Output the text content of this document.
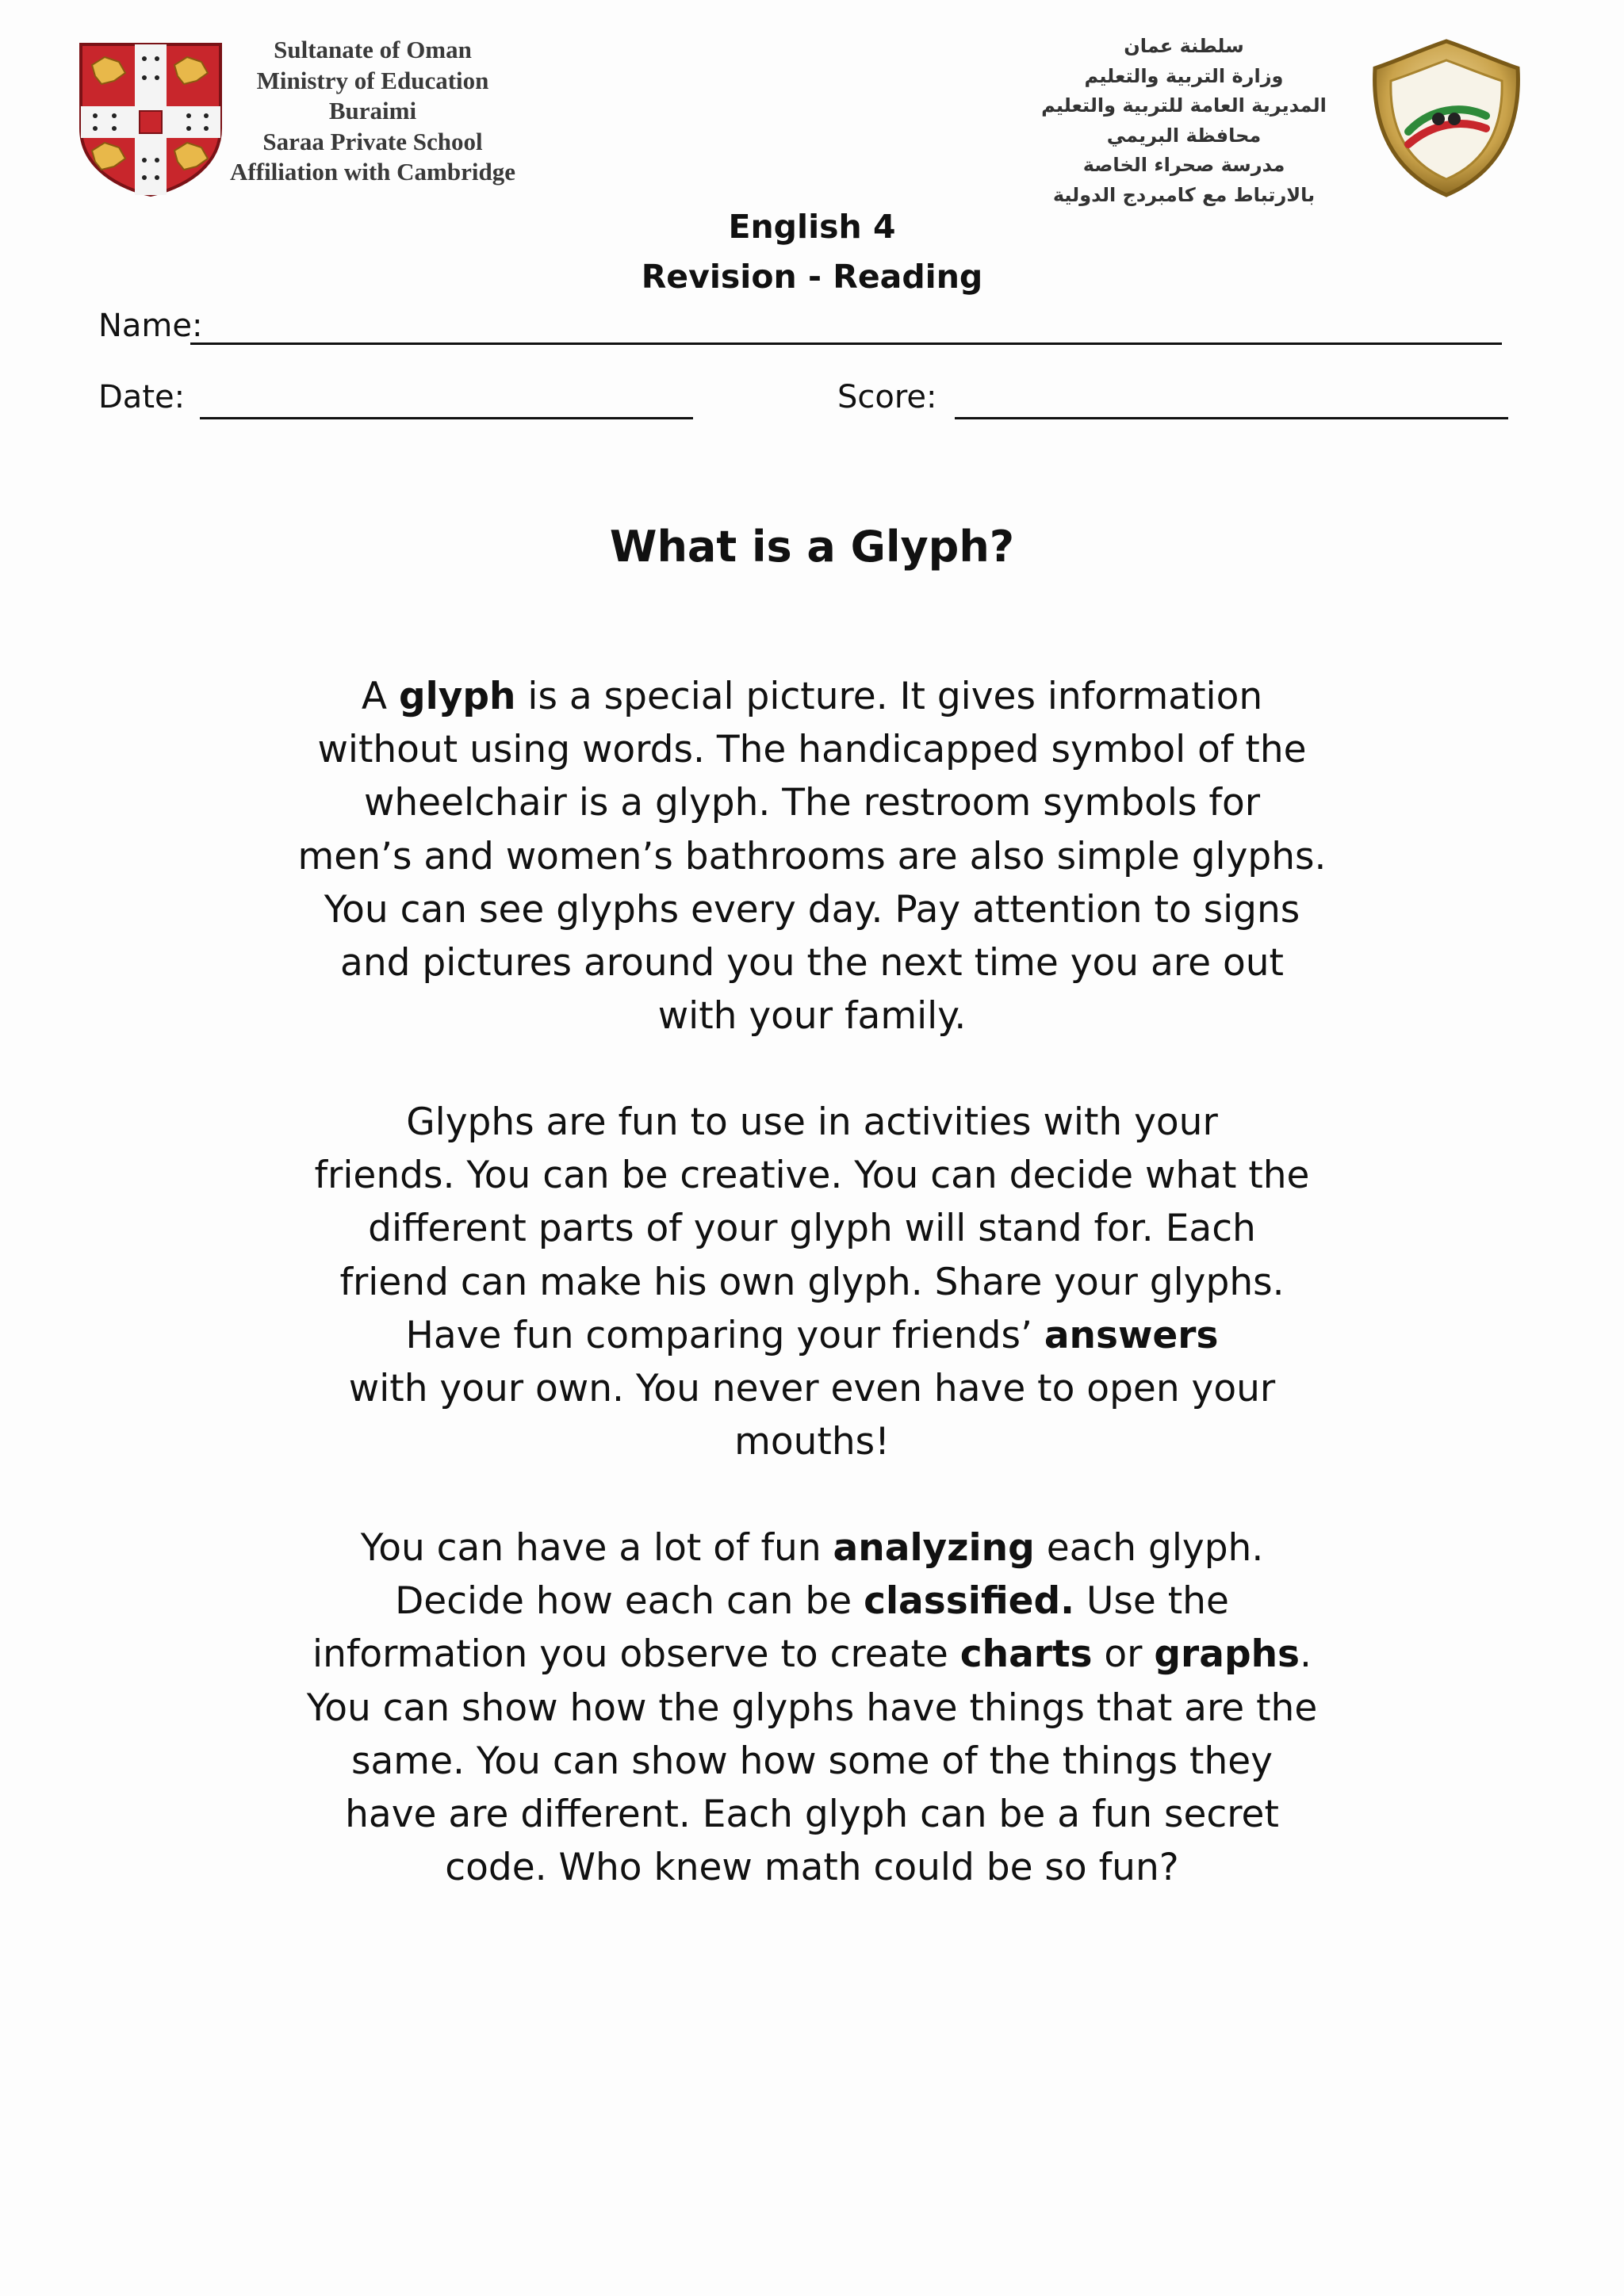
Sultanate of Oman
Ministry of Education
Buraimi
Saraa Private School
Affiliation with Cambridge
سلطنة عمان
وزارة التربية والتعليم
المديرية العامة للتربية والتعليم
محافظة البريمي
مدرسة صحراء الخاصة
بالارتباط مع كامبردج الدولية
English 4
Revision - Reading
Name:
Date:	Score:
What is a Glyph?
A glyph is a special picture. It gives information
without using words. The handicapped symbol of the
wheelchair is a glyph. The restroom symbols for
men’s and women’s bathrooms are also simple glyphs.
You can see glyphs every day. Pay attention to signs
and pictures around you the next time you are out
with your family.
Glyphs are fun to use in activities with your
friends. You can be creative. You can decide what the
different parts of your glyph will stand for. Each
friend can make his own glyph. Share your glyphs.
Have fun comparing your friends’ answers
with your own. You never even have to open your
mouths!
You can have a lot of fun analyzing each glyph.
Decide how each can be classified. Use the
information you observe to create charts or graphs.
You can show how the glyphs have things that are the
same. You can show how some of the things they
have are different. Each glyph can be a fun secret
code. Who knew math could be so fun?
